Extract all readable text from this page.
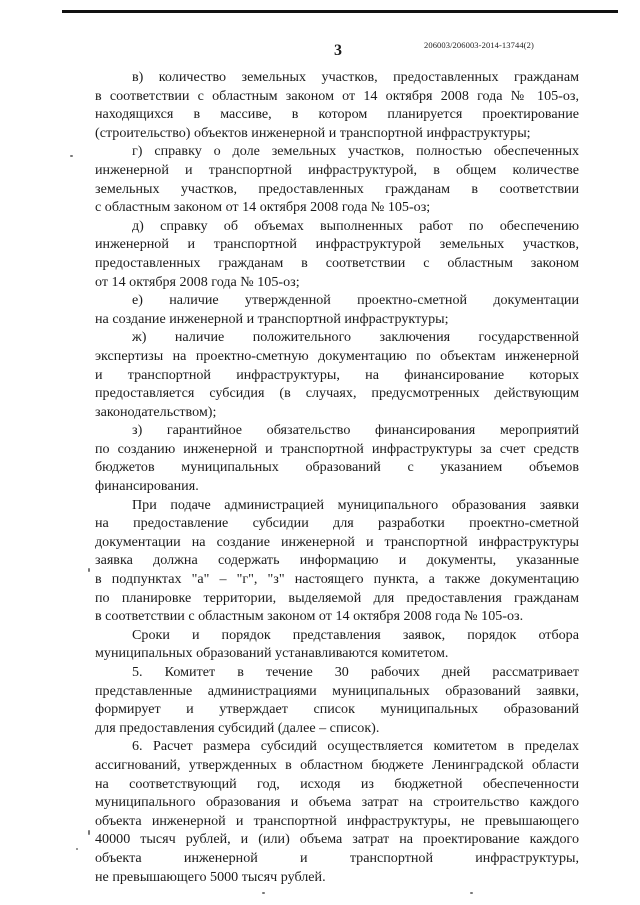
206003/206003-2014-13744(2)
3
в) количество земельных участков, предоставленных гражданам
в соответствии с областным законом от 14 октября 2008 года № 105-оз,
находящихся в массиве, в котором планируется проектирование
(строительство) объектов инженерной и транспортной инфраструктуры;
г) справку о доле земельных участков, полностью обеспеченных
инженерной и транспортной инфраструктурой, в общем количестве
земельных участков, предоставленных гражданам в соответствии
с областным законом от 14 октября 2008 года № 105-оз;
д) справку об объемах выполненных работ по обеспечению
инженерной и транспортной инфраструктурой земельных участков,
предоставленных гражданам в соответствии с областным законом
от 14 октября 2008 года № 105-оз;
е) наличие утвержденной проектно-сметной документации
на создание инженерной и транспортной инфраструктуры;
ж) наличие положительного заключения государственной
экспертизы на проектно-сметную документацию по объектам инженерной
и транспортной инфраструктуры, на финансирование которых
предоставляется субсидия (в случаях, предусмотренных действующим
законодательством);
з) гарантийное обязательство финансирования мероприятий
по созданию инженерной и транспортной инфраструктуры за счет средств
бюджетов муниципальных образований с указанием объемов
финансирования.
При подаче администрацией муниципального образования заявки
на предоставление субсидии для разработки проектно-сметной
документации на создание инженерной и транспортной инфраструктуры
заявка должна содержать информацию и документы, указанные
в подпунктах "а" – "г", "з" настоящего пункта, а также документацию
по планировке территории, выделяемой для предоставления гражданам
в соответствии с областным законом от 14 октября 2008 года № 105-оз.
Сроки и порядок представления заявок, порядок отбора
муниципальных образований устанавливаются комитетом.
5. Комитет в течение 30 рабочих дней рассматривает
представленные администрациями муниципальных образований заявки,
формирует и утверждает список муниципальных образований
для предоставления субсидий (далее – список).
6. Расчет размера субсидий осуществляется комитетом в пределах
ассигнований, утвержденных в областном бюджете Ленинградской области
на соответствующий год, исходя из бюджетной обеспеченности
муниципального образования и объема затрат на строительство каждого
объекта инженерной и транспортной инфраструктуры, не превышающего
40000 тысяч рублей, и (или) объема затрат на проектирование каждого
объекта инженерной и транспортной инфраструктуры,
не превышающего 5000 тысяч рублей.
